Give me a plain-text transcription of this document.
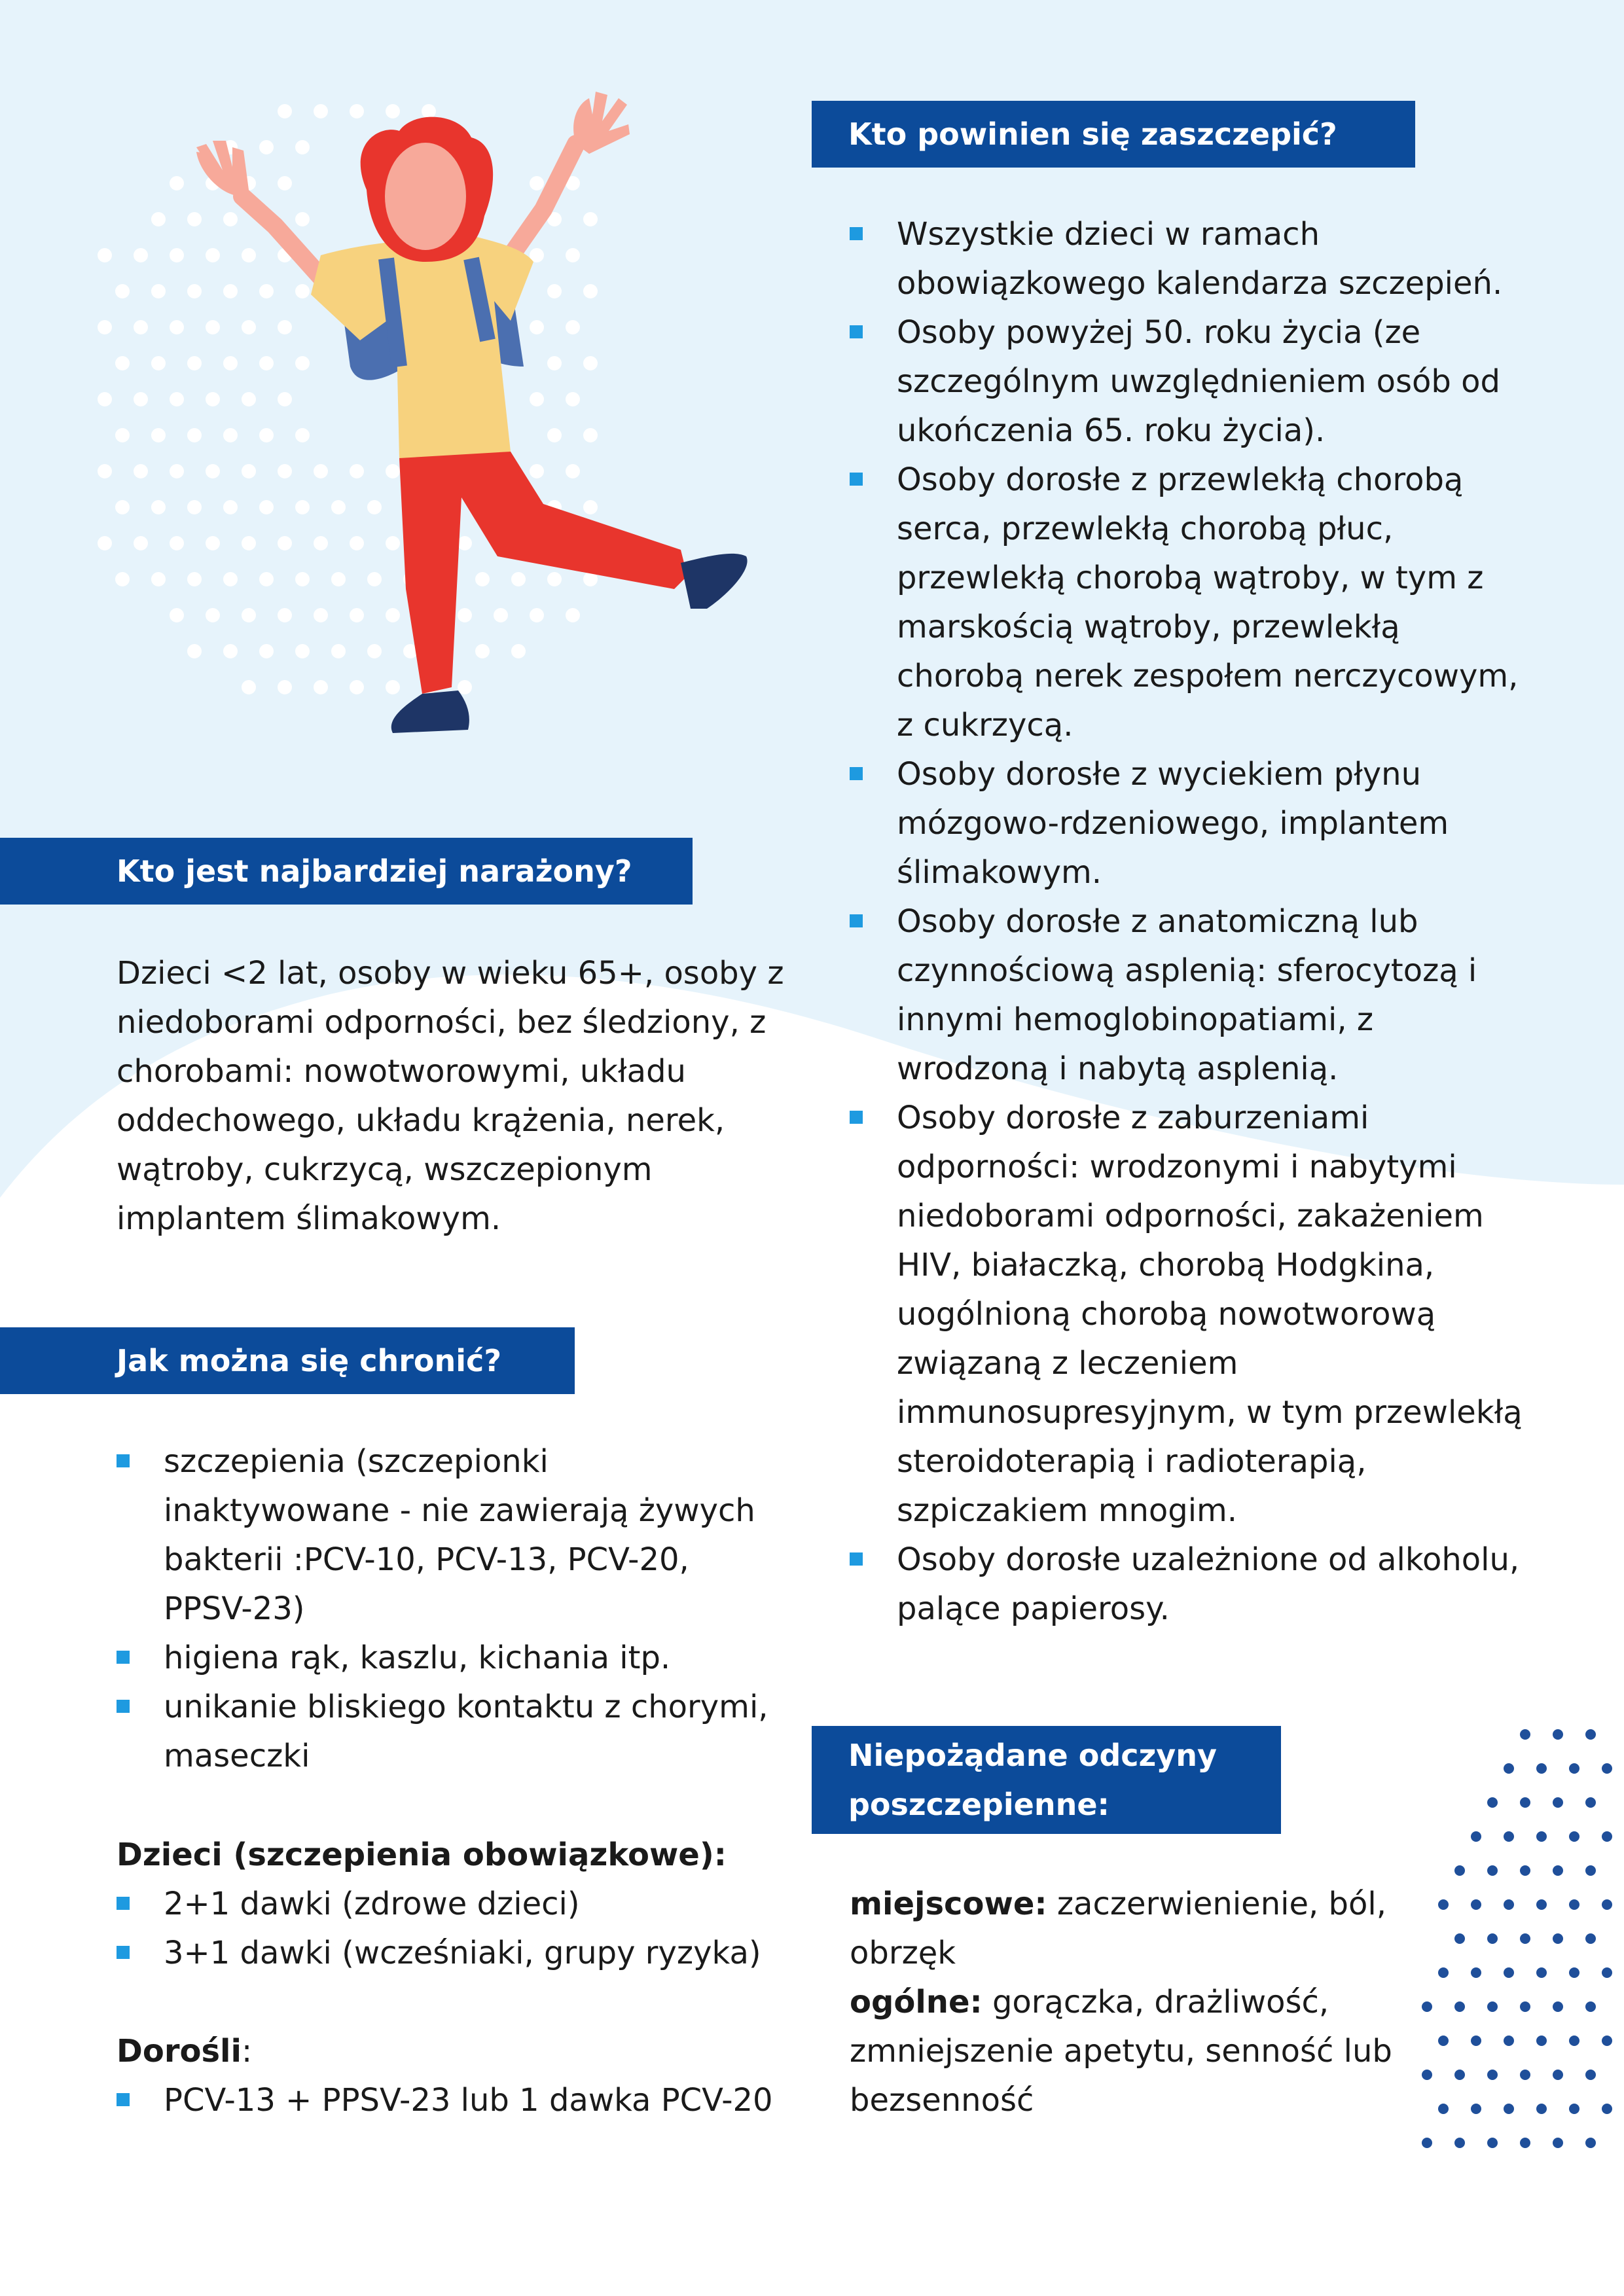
Kto powinien się zaszczepić?
Wszystkie dzieci w ramach obowiązkowego kalendarza szczepień.
Osoby powyżej 50. roku życia (ze szczególnym uwzględnieniem osób od ukończenia 65. roku życia).
Osoby dorosłe z przewlekłą chorobą serca, przewlekłą chorobą płuc, przewlekłą chorobą wątroby, w tym z marskością wątroby, przewlekłą chorobą nerek zespołem nerczycowym, z cukrzycą.
Osoby dorosłe z wyciekiem płynu mózgowo-rdzeniowego, implantem ślimakowym.
Osoby dorosłe z anatomiczną lub czynnościową asplenią: sferocytozą i innymi hemoglobinopatiami, z wrodzoną i nabytą asplenią.
Osoby dorosłe z zaburzeniami odporności: wrodzonymi i nabytymi niedoborami odporności, zakażeniem HIV, białaczką, chorobą Hodgkina, uogólnioną chorobą nowotworową związaną z leczeniem immunosupresyjnym, w tym przewlekłą steroidoterapią i radioterapią, szpiczakiem mnogim.
Osoby dorosłe uzależnione od alkoholu, palące papierosy.
Kto jest najbardziej narażony?
Dzieci <2 lat, osoby w wieku 65+, osoby z niedoborami odporności, bez śledziony, z chorobami: nowotworowymi, układu oddechowego, układu krążenia, nerek, wątroby, cukrzycą, wszczepionym implantem ślimakowym.
Jak można się chronić?
szczepienia (szczepionki inaktywowane - nie zawierają żywych bakterii :PCV-10, PCV-13, PCV-20, PPSV-23)
higiena rąk, kaszlu, kichania itp.
unikanie bliskiego kontaktu z chorymi, maseczki
Dzieci (szczepienia obowiązkowe):
2+1 dawki (zdrowe dzieci)
3+1 dawki (wcześniaki, grupy ryzyka)
Dorośli:
PCV-13 + PPSV-23 lub 1 dawka PCV-20
Niepożądane odczyny poszczepienne:
miejscowe: zaczerwienienie, ból, obrzęk
ogólne: gorączka, drażliwość, zmniejszenie apetytu, senność lub bezsenność
